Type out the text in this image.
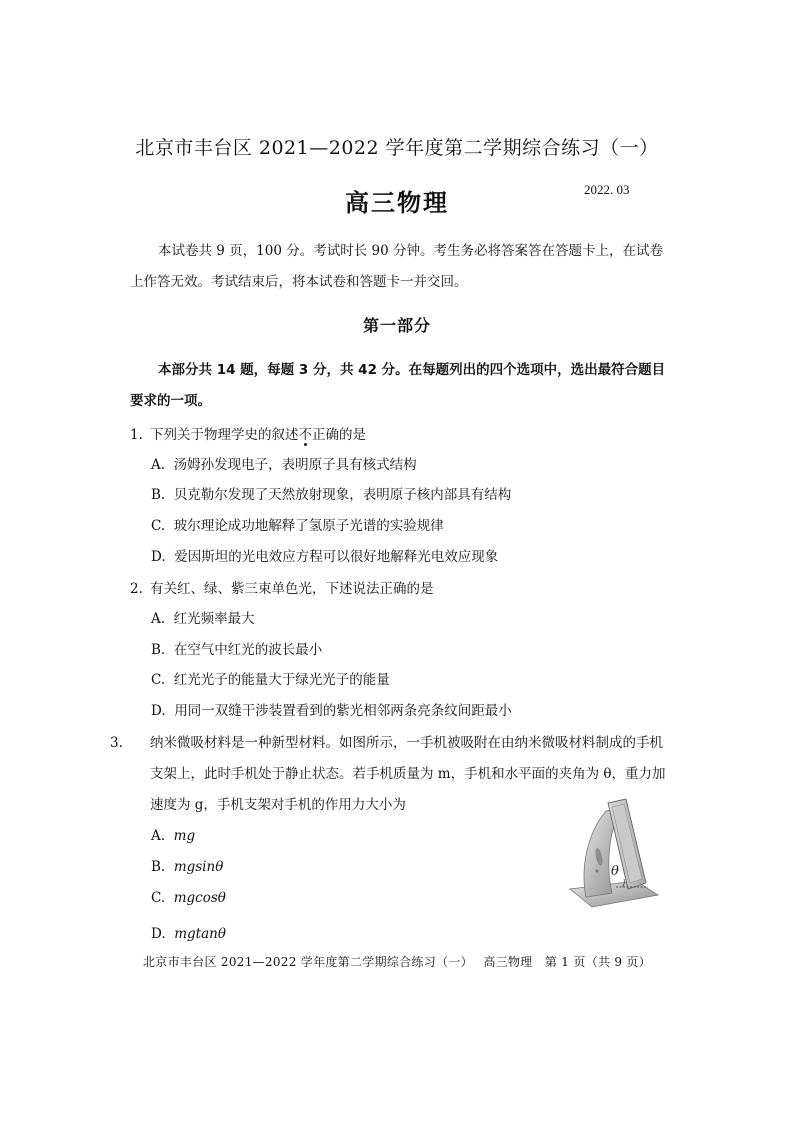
北京市丰台区 2021—2022 学年度第二学期综合练习（一）
高三物理	2022. 03

本试卷共 9 页，100 分。考试时长 90 分钟。考生务必将答案答在答题卡上，在试卷上作答无效。考试结束后，将本试卷和答题卡一并交回。

第一部分

本部分共 14 题，每题 3 分，共 42 分。在每题列出的四个选项中，选出最符合题目要求的一项。

1. 下列关于物理学史的叙述不正确的是
A. 汤姆孙发现电子，表明原子具有核式结构
B. 贝克勒尔发现了天然放射现象，表明原子核内部具有结构
C. 玻尔理论成功地解释了氢原子光谱的实验规律
D. 爱因斯坦的光电效应方程可以很好地解释光电效应现象
2. 有关红、绿、紫三束单色光，下述说法正确的是
A. 红光频率最大
B. 在空气中红光的波长最小
C. 红光光子的能量大于绿光光子的能量
D. 用同一双缝干涉装置看到的紫光相邻两条亮条纹间距最小

3. 纳米微吸材料是一种新型材料。如图所示，一手机被吸附在由纳米微吸材料制成的手机支架上，此时手机处于静止状态。若手机质量为 m，手机和水平面的夹角为 θ，重力加速度为 g，手机支架对手机的作用力大小为

A. mg
B. mgsinθ
C. mgcosθ
D. mgtanθ
θ
北京市丰台区 2021—2022 学年度第二学期综合练习（一）　 高三物理　第 1 页（共 9 页）
